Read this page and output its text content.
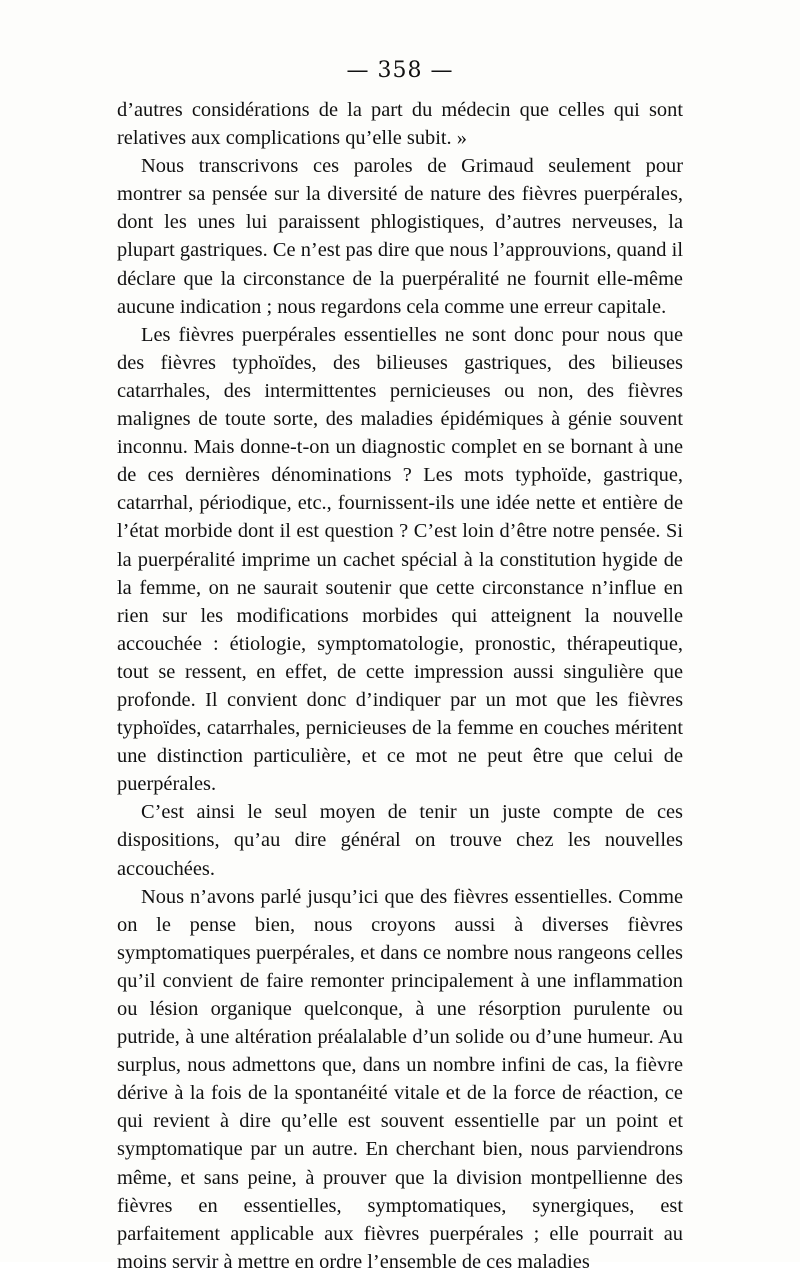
— 358 —

d’autres considérations de la part du médecin que celles qui sont relatives aux complications qu’elle subit. »

Nous transcrivons ces paroles de Grimaud seulement pour montrer sa pensée sur la diversité de nature des fièvres puerpérales, dont les unes lui paraissent phlogistiques, d’autres nerveuses, la plupart gastriques. Ce n’est pas dire que nous l’approuvions, quand il déclare que la circonstance de la puerpéralité ne fournit elle-même aucune indication ; nous regardons cela comme une erreur capitale.

Les fièvres puerpérales essentielles ne sont donc pour nous que des fièvres typhoïdes, des bilieuses gastriques, des bilieuses catarrhales, des intermittentes pernicieuses ou non, des fièvres malignes de toute sorte, des maladies épidémiques à génie souvent inconnu. Mais donne-t-on un diagnostic complet en se bornant à une de ces dernières dénominations ? Les mots typhoïde, gastrique, catarrhal, périodique, etc., fournissent-ils une idée nette et entière de l’état morbide dont il est question ? C’est loin d’être notre pensée. Si la puerpéralité imprime un cachet spécial à la constitution hygide de la femme, on ne saurait soutenir que cette circonstance n’influe en rien sur les modifications morbides qui atteignent la nouvelle accouchée : étiologie, symptomatologie, pronostic, thérapeutique, tout se ressent, en effet, de cette impression aussi singulière que profonde. Il convient donc d’indiquer par un mot que les fièvres typhoïdes, catarrhales, pernicieuses de la femme en couches méritent une distinction particulière, et ce mot ne peut être que celui de puerpérales.

C’est ainsi le seul moyen de tenir un juste compte de ces dispositions, qu’au dire général on trouve chez les nouvelles accouchées.

Nous n’avons parlé jusqu’ici que des fièvres essentielles. Comme on le pense bien, nous croyons aussi à diverses fièvres symptomatiques puerpérales, et dans ce nombre nous rangeons celles qu’il convient de faire remonter principalement à une inflammation ou lésion organique quelconque, à une résorption purulente ou putride, à une altération préalalable d’un solide ou d’une humeur. Au surplus, nous admettons que, dans un nombre infini de cas, la fièvre dérive à la fois de la spontanéité vitale et de la force de réaction, ce qui revient à dire qu’elle est souvent essentielle par un point et symptomatique par un autre. En cherchant bien, nous parviendrons même, et sans peine, à prouver que la division montpellienne des fièvres en essentielles, symptomatiques, synergiques, est parfaitement applicable aux fièvres puerpérales ; elle pourrait au moins servir à mettre en ordre l’ensemble de ces maladies
